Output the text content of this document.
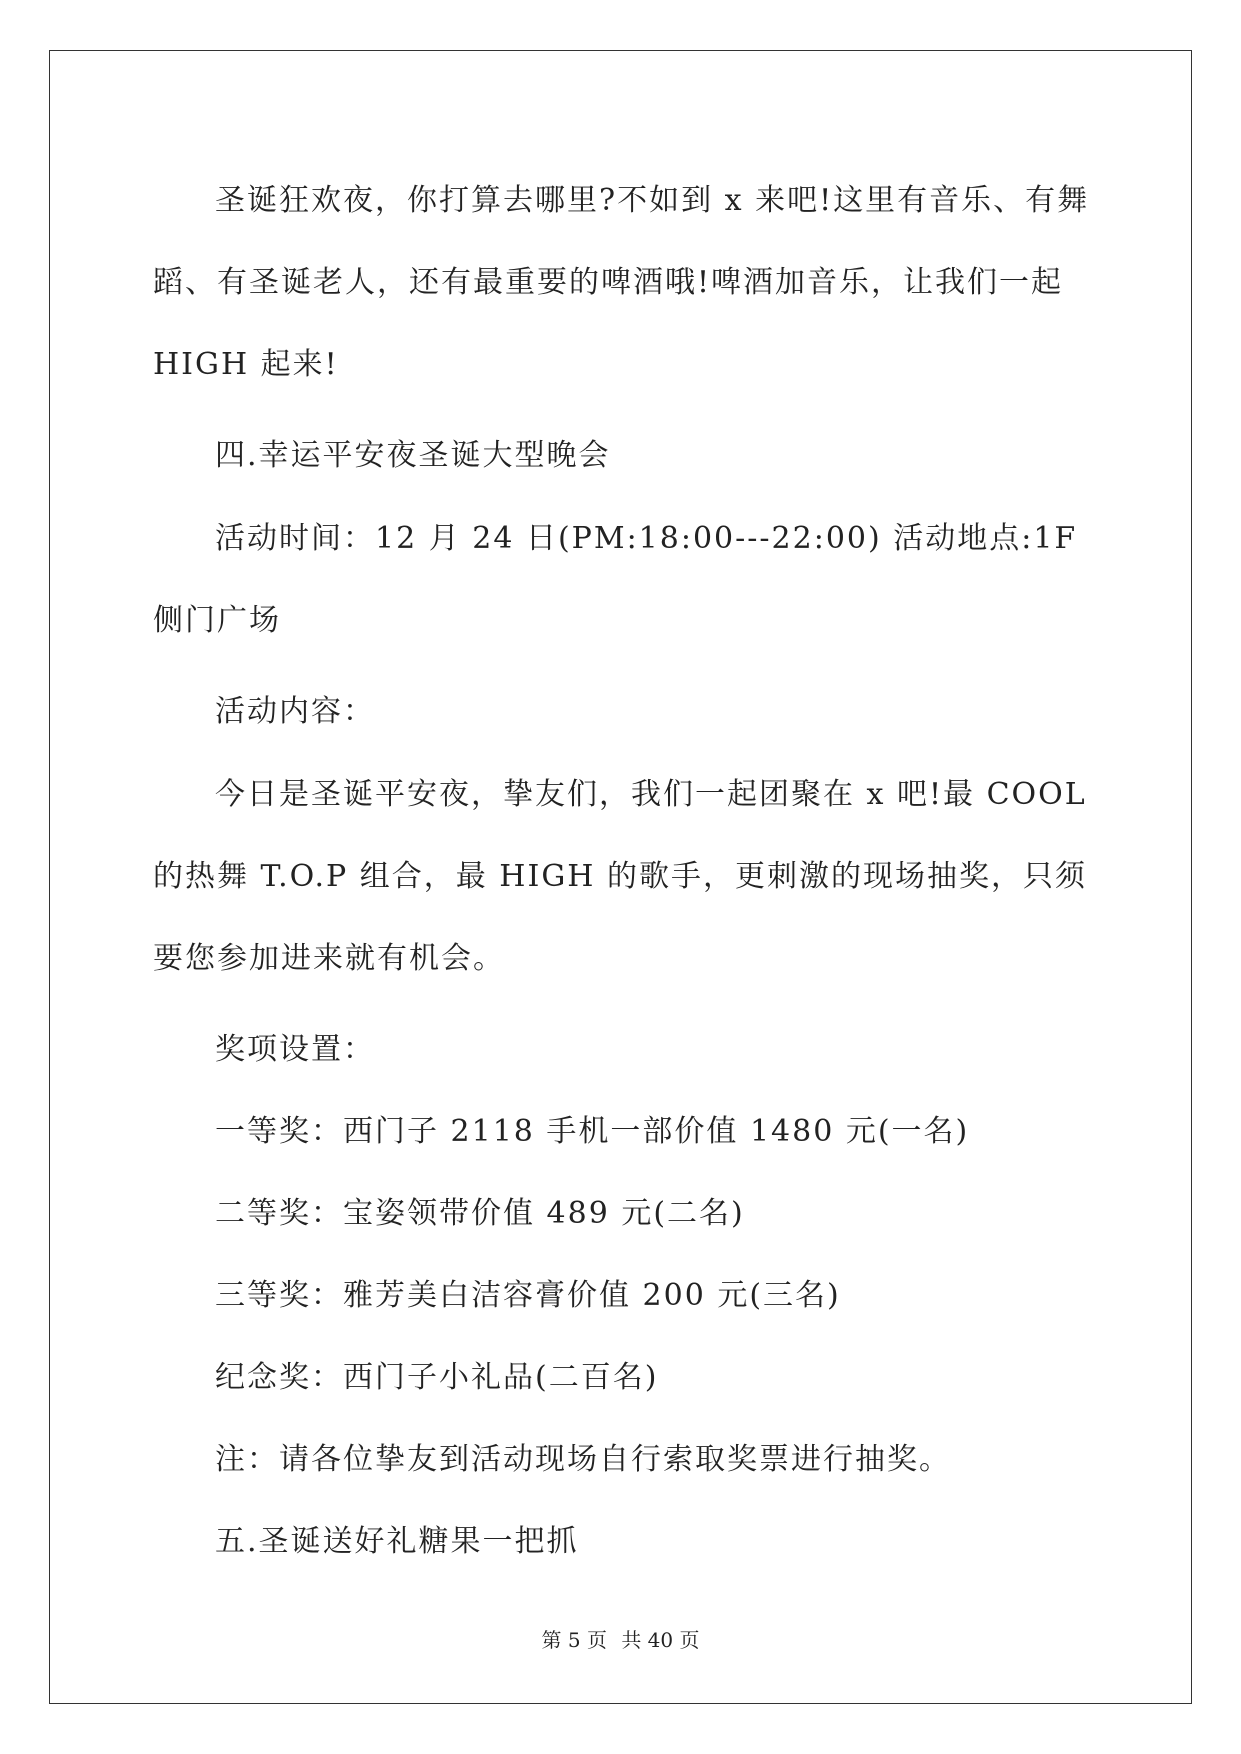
圣诞狂欢夜，你打算去哪里?不如到 x 来吧!这里有音乐、有舞蹈、有圣诞老人，还有最重要的啤酒哦!啤酒加音乐，让我们一起 HIGH 起来!

四.幸运平安夜圣诞大型晚会

活动时间：12 月 24 日(PM:18:00---22:00) 活动地点:1F 侧门广场

活动内容：

今日是圣诞平安夜，挚友们，我们一起团聚在 x 吧!最 COOL 的热舞 T.O.P 组合，最 HIGH 的歌手，更刺激的现场抽奖，只须要您参加进来就有机会。

奖项设置：

一等奖：西门子 2118 手机一部价值 1480 元(一名)

二等奖：宝姿领带价值 489 元(二名)

三等奖：雅芳美白洁容膏价值 200 元(三名)

纪念奖：西门子小礼品(二百名)

注：请各位挚友到活动现场自行索取奖票进行抽奖。

五.圣诞送好礼糖果一把抓

第 5 页 共 40 页
